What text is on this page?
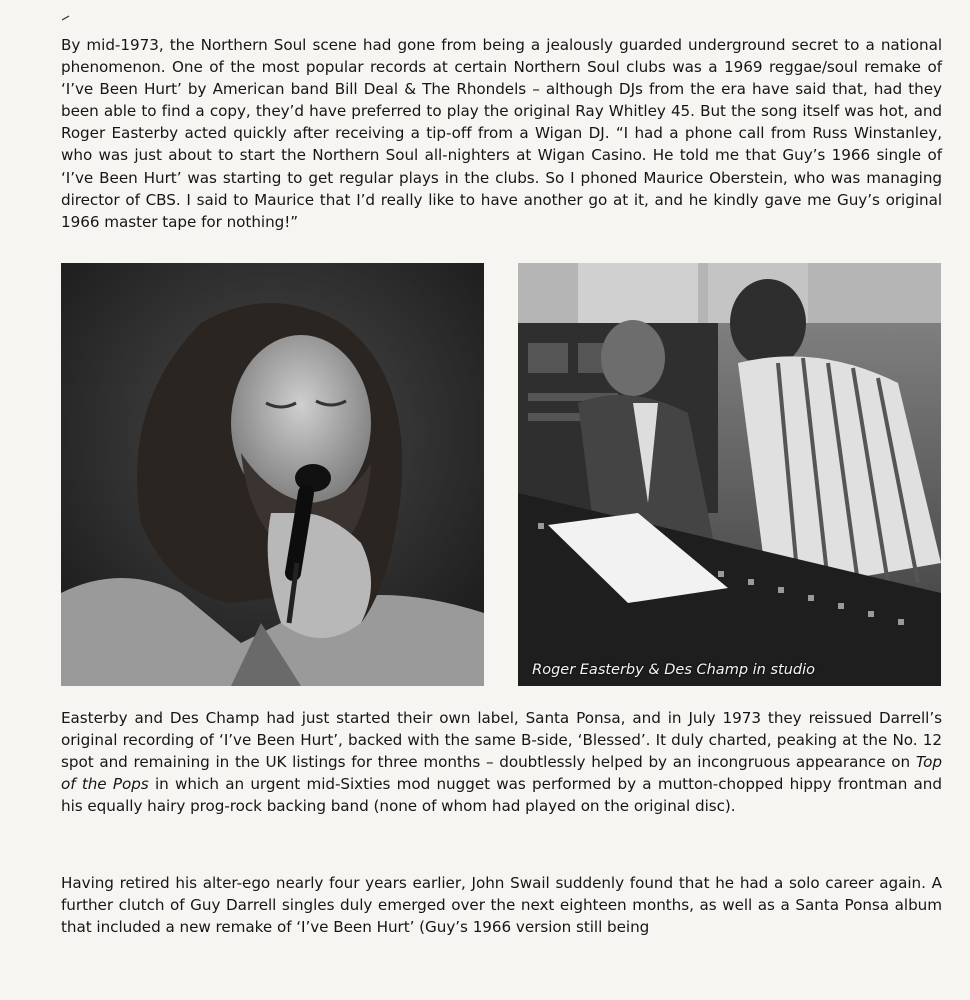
By mid-1973, the Northern Soul scene had gone from being a jealously guarded underground secret to a national phenomenon. One of the most popular records at certain Northern Soul clubs was a 1969 reggae/soul remake of ‘I’ve Been Hurt’ by American band Bill Deal & The Rhondels – although DJs from the era have said that, had they been able to find a copy, they’d have preferred to play the original Ray Whitley 45. But the song itself was hot, and Roger Easterby acted quickly after receiving a tip-off from a Wigan DJ. “I had a phone call from Russ Winstanley, who was just about to start the Northern Soul all-nighters at Wigan Casino. He told me that Guy’s 1966 single of ‘I’ve Been Hurt’ was starting to get regular plays in the clubs. So I phoned Maurice Oberstein, who was managing director of CBS. I said to Maurice that I’d really like to have another go at it, and he kindly gave me Guy’s original 1966 master tape for nothing!”

Roger Easterby & Des Champ in studio

Easterby and Des Champ had just started their own label, Santa Ponsa, and in July 1973 they reissued Darrell’s original recording of ‘I’ve Been Hurt’, backed with the same B-side, ‘Blessed’. It duly charted, peaking at the No. 12 spot and remaining in the UK listings for three months – doubtlessly helped by an incongruous appearance on Top of the Pops in which an urgent mid-Sixties mod nugget was performed by a mutton-chopped hippy frontman and his equally hairy prog-rock backing band (none of whom had played on the original disc).

Having retired his alter-ego nearly four years earlier, John Swail suddenly found that he had a solo career again. A further clutch of Guy Darrell singles duly emerged over the next eighteen months, as well as a Santa Ponsa album that included a new remake of ‘I’ve Been Hurt’ (Guy’s 1966 version still being
